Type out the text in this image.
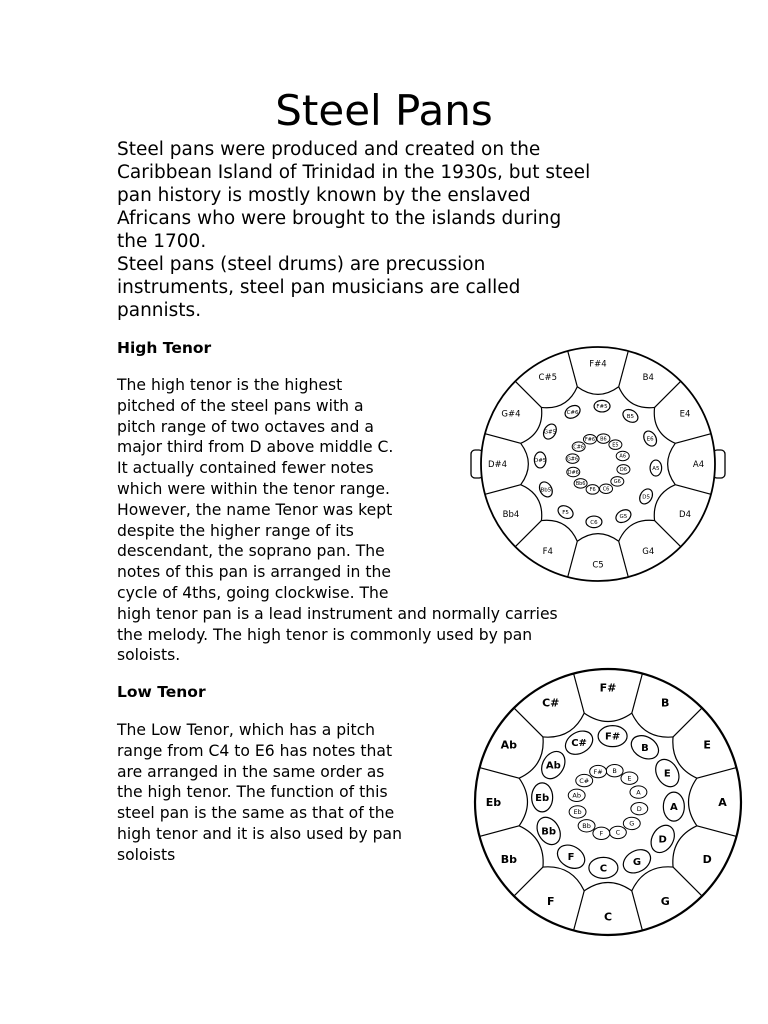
Steel Pans

Steel pans were produced and created on the
Caribbean Island of Trinidad in the 1930s, but steel
pan history is mostly known by the enslaved
Africans who were brought to the islands during
the 1700.

Steel pans (steel drums) are precussion
instruments, steel pan musicians are called
pannists.

High Tenor
The high tenor is the highest
pitched of the steel pans with a
pitch range of two octaves and a
major third from D above middle C.
It actually contained fewer notes
which were within the tenor range.
However, the name Tenor was kept
despite the higher range of its
descendant, the soprano pan. The
notes of this pan is arranged in the
cycle of 4ths, going clockwise. The
high tenor pan is a lead instrument and normally carries
the melody. The high tenor is commonly used by pan
soloists.
Low Tenor
The Low Tenor, which has a pitch
range from C4 to E6 has notes that
are arranged in the same order as
the high tenor. The function of this
steel pan is the same as that of the
high tenor and it is also used by pan
soloists
F#4
B4
E4
A4
D4
G4
C5
F4
Bb4
D#4
G#4
C#5
F#5
B5
E6
A5
D5
G5
C6
F5
Bb5
D#5
G#5
C#6
B6
E5
A6
D6
G6
C6
F6
Bb6
D#6
G#6
C#6
F#6
F#
B
E
A
D
G
C
F
Bb
Eb
Ab
C#
F#
B
E
A
D
G
C
F
Bb
Eb
Ab
C#
B
E
A
D
G
C
F
Bb
Eb
Ab
C#
F#
